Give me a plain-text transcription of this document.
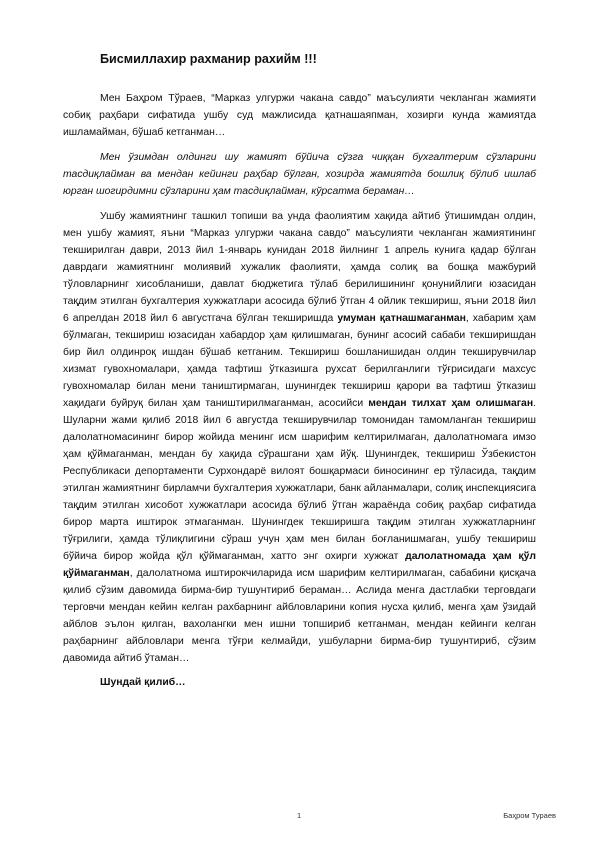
Бисмиллахир рахманир рахийм !!!

Мен Баҳром Тўраев, “Марказ улгуржи чакана савдо” маъсулияти чекланган жамияти собиқ раҳбари сифатида ушбу суд мажлисида қатнашаяпман, хозирги кунда жамиятда ишламайман, бўшаб кетганман…

Мен ўзимдан олдинги шу жамият бўйича сўзга чиққан бухгалтерим сўзларини тасдиқлайман ва мендан кейинги раҳбар бўлган, хозирда жамиятда бошлиқ бўлиб ишлаб юрган шогирдимни сўзларини ҳам тасдиқлайман, кўрсатма бераман…

Ушбу жамиятнинг ташкил топиши ва унда фаолиятим хақида айтиб ўтишимдан олдин, мен ушбу жамият, яъни “Марказ улгуржи чакана савдо” маъсулияти чекланган жамиятининг текширилган даври, 2013 йил 1-январь кунидан 2018 йилнинг 1 апрель кунига қадар бўлган даврдаги жамиятнинг молиявий хужалик фаолияти, ҳамда солиқ ва бошқа мажбурий тўловларнинг хисобланиши, давлат бюджетига тўлаб берилишининг қонунийлиги юзасидан тақдим этилган бухгалтерия хужжатлари асосида бўлиб ўтган 4 ойлик текшириш, яъни 2018 йил 6 апрелдан 2018 йил 6 августгача бўлган текширишда умуман қатнашмаганман, хабарим ҳам бўлмаган, текшириш юзасидан хабардор ҳам қилишмаган, бунинг асосий сабаби текширишдан бир йил олдинроқ ишдан бўшаб кетганим. Текшириш бошланишидан олдин текширувчилар хизмат гувохномалари, ҳамда тафтиш ўтказишга рухсат берилганлиги тўғрисидаги махсус гувохномалар билан мени таништирмаган, шунингдек текшириш қарори ва тафтиш ўтказиш хақидаги буйруқ билан ҳам таништирилмаганман, асосийси мендан тилхат ҳам олишмаган. Шуларни жами қилиб 2018 йил 6 августда текширувчилар томонидан тамомланган текшириш далолатномасининг бирор жойида менинг исм шарифим келтирилмаган, далолатномага имзо ҳам қўймаганман, мендан бу хақида сўрашгани ҳам йўқ. Шунингдек, текшириш Ўзбекистон Республикаси депортаменти Сурхондарё вилоят бошқармаси биносининг ер тўласида, тақдим этилган жамиятнинг бирламчи бухгалтерия хужжатлари, банк айланмалари, солиқ инспекциясига тақдим этилган хисобот хужжатлари асосида бўлиб ўтган жараёнда собиқ раҳбар сифатида бирор марта иштирок этмаганман. Шунингдек текширишга тақдим этилган хужжатларнинг тўғрилиги, ҳамда тўлиқлигини сўраш учун ҳам мен билан боғланишмаган, ушбу текшириш бўйича бирор жойда қўл қўймаганман, хатто энг охирги хужжат далолатномада ҳам қўл қўймаганман, далолатнома иштирокчиларида исм шарифим келтирилмаган, сабабини қисқача қилиб сўзим давомида бирма-бир тушунтириб бераман… Аслида менга дастлабки терговдаги терговчи мендан кейин келган рахбарнинг айбловларини копия нусха қилиб, менга ҳам ўзидай айблов эълон қилган, вахолангки мен ишни топшириб кетганман, мендан кейинги келган раҳбарнинг айбловлари менга тўғри келмайди, ушбуларни бирма-бир тушунтириб, сўзим давомида айтиб ўтаман…

Шундай қилиб…

1	Баҳром Тураев
